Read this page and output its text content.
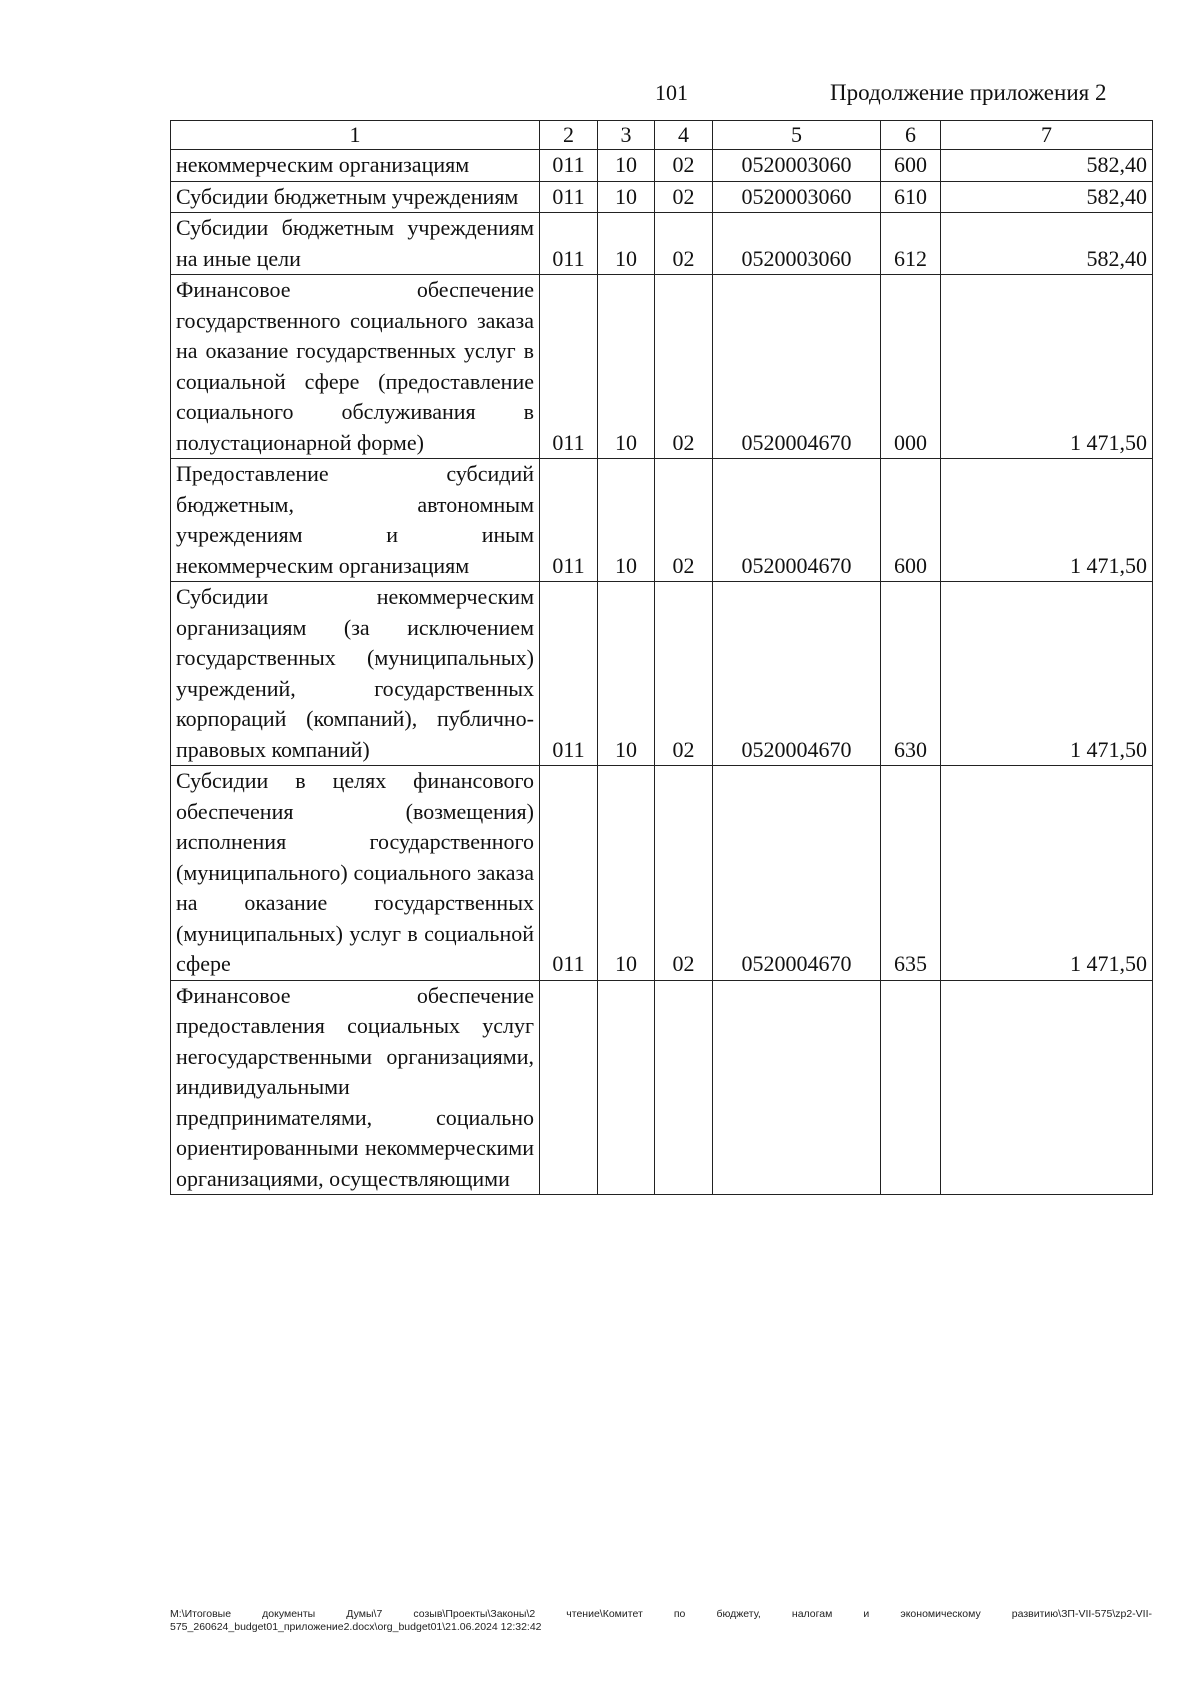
101	Продолжение приложения 2
1	2	3	4	5	6	7
некоммерческим организациям	011	10	02	0520003060	600	582,40
Субсидии бюджетным учреждениям	011	10	02	0520003060	610	582,40
Субсидии бюджетным учреждениям на иные цели	011	10	02	0520003060	612	582,40
Финансовое обеспечение государственного социального заказа на оказание государственных услуг в социальной сфере (предоставление социального обслуживания в полустационарной форме)	011	10	02	0520004670	000	1 471,50
Предоставление субсидий бюджетным, автономным учреждениям и иным некоммерческим организациям	011	10	02	0520004670	600	1 471,50
Субсидии некоммерческим организациям (за исключением государственных (муниципальных) учреждений, государственных корпораций (компаний), публично-правовых компаний)	011	10	02	0520004670	630	1 471,50
Субсидии в целях финансового обеспечения (возмещения) исполнения государственного (муниципального) социального заказа на оказание государственных (муниципальных) услуг в социальной сфере	011	10	02	0520004670	635	1 471,50
Финансовое обеспечение предоставления социальных услуг негосударственными организациями, индивидуальными предпринимателями, социально ориентированными некоммерческими организациями, осуществляющими						
M:\Итоговые документы Думы\7 созыв\Проекты\Законы\2 чтение\Комитет по бюджету, налогам и экономическому развитию\ЗП-VII-575\zp2-VII-575_260624_budget01_приложение2.docx\org_budget01\21.06.2024 12:32:42
